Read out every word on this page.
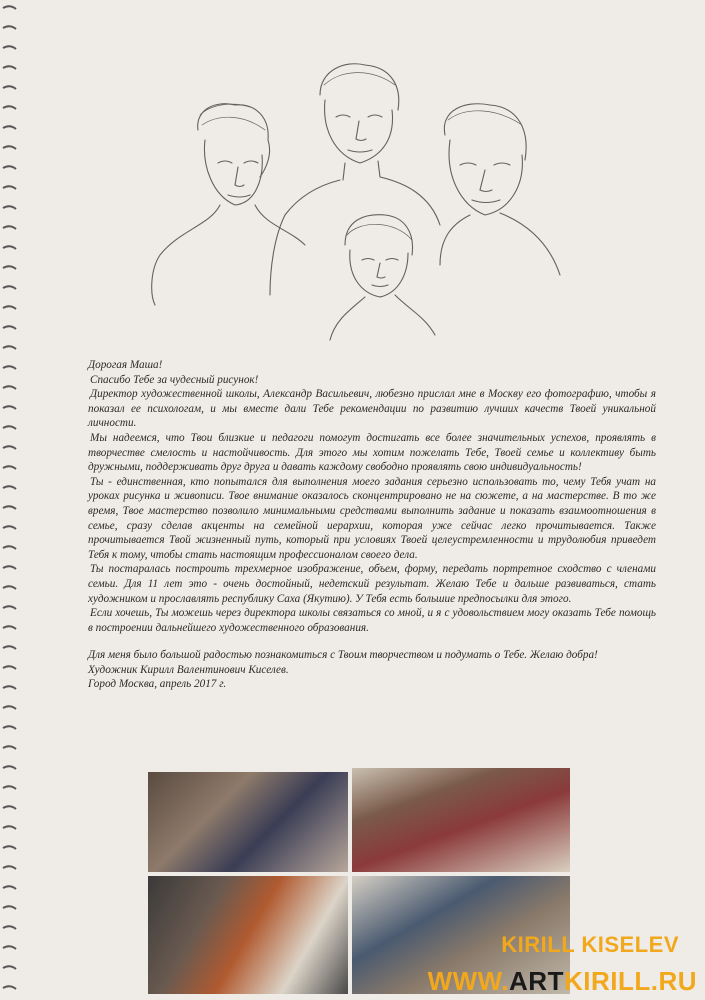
Дорогая Маша!

Спасибо Тебе за чудесный рисунок!

Директор художественной школы, Александр Васильевич, любезно прислал мне в Москву его фотографию, чтобы я показал ее психологам, и мы вместе дали Тебе рекомендации по развитию лучших качеств Твоей уникальной личности.

Мы надеемся, что Твои близкие и педагоги помогут достигать все более значительных успехов, проявлять в творчестве смелость и настойчивость. Для этого мы хотим пожелать Тебе, Твоей семье и коллективу быть дружными, поддерживать друг друга и давать каждому свободно проявлять свою индивидуальность!

Ты - единственная, кто попытался для выполнения моего задания серьезно использовать то, чему Тебя учат на уроках рисунка и живописи. Твое внимание оказалось сконцентрировано не на сюжете, а на мастерстве. В то же время, Твое мастерство позволило минимальными средствами выполнить задание и показать взаимоотношения в семье, сразу сделав акценты на семейной иерархии, которая уже сейчас легко прочитывается. Также прочитывается Твой жизненный путь, который при условиях Твоей целеустремленности и трудолюбия приведет Тебя к тому, чтобы стать настоящим профессионалом своего дела.

Ты постаралась построить трехмерное изображение, объем, форму, передать портретное сходство с членами семьи. Для 11 лет это - очень достойный, недетский результат. Желаю Тебе и дальше развиваться, стать художником и прославлять республику Саха (Якутию). У Тебя есть большие предпосылки для этого.

Если хочешь, Ты можешь через директора школы связаться со мной, и я с удовольствием могу оказать Тебе помощь в построении дальнейшего художественного образования.

Для меня было большой радостью познакомиться с Твоим творчеством и подумать о Тебе. Желаю добра!

Художник Кирилл Валентинович Киселев.

Город Москва, апрель 2017 г.

KIRILL KISELEV
WWW.ARTKIRILL.RU
